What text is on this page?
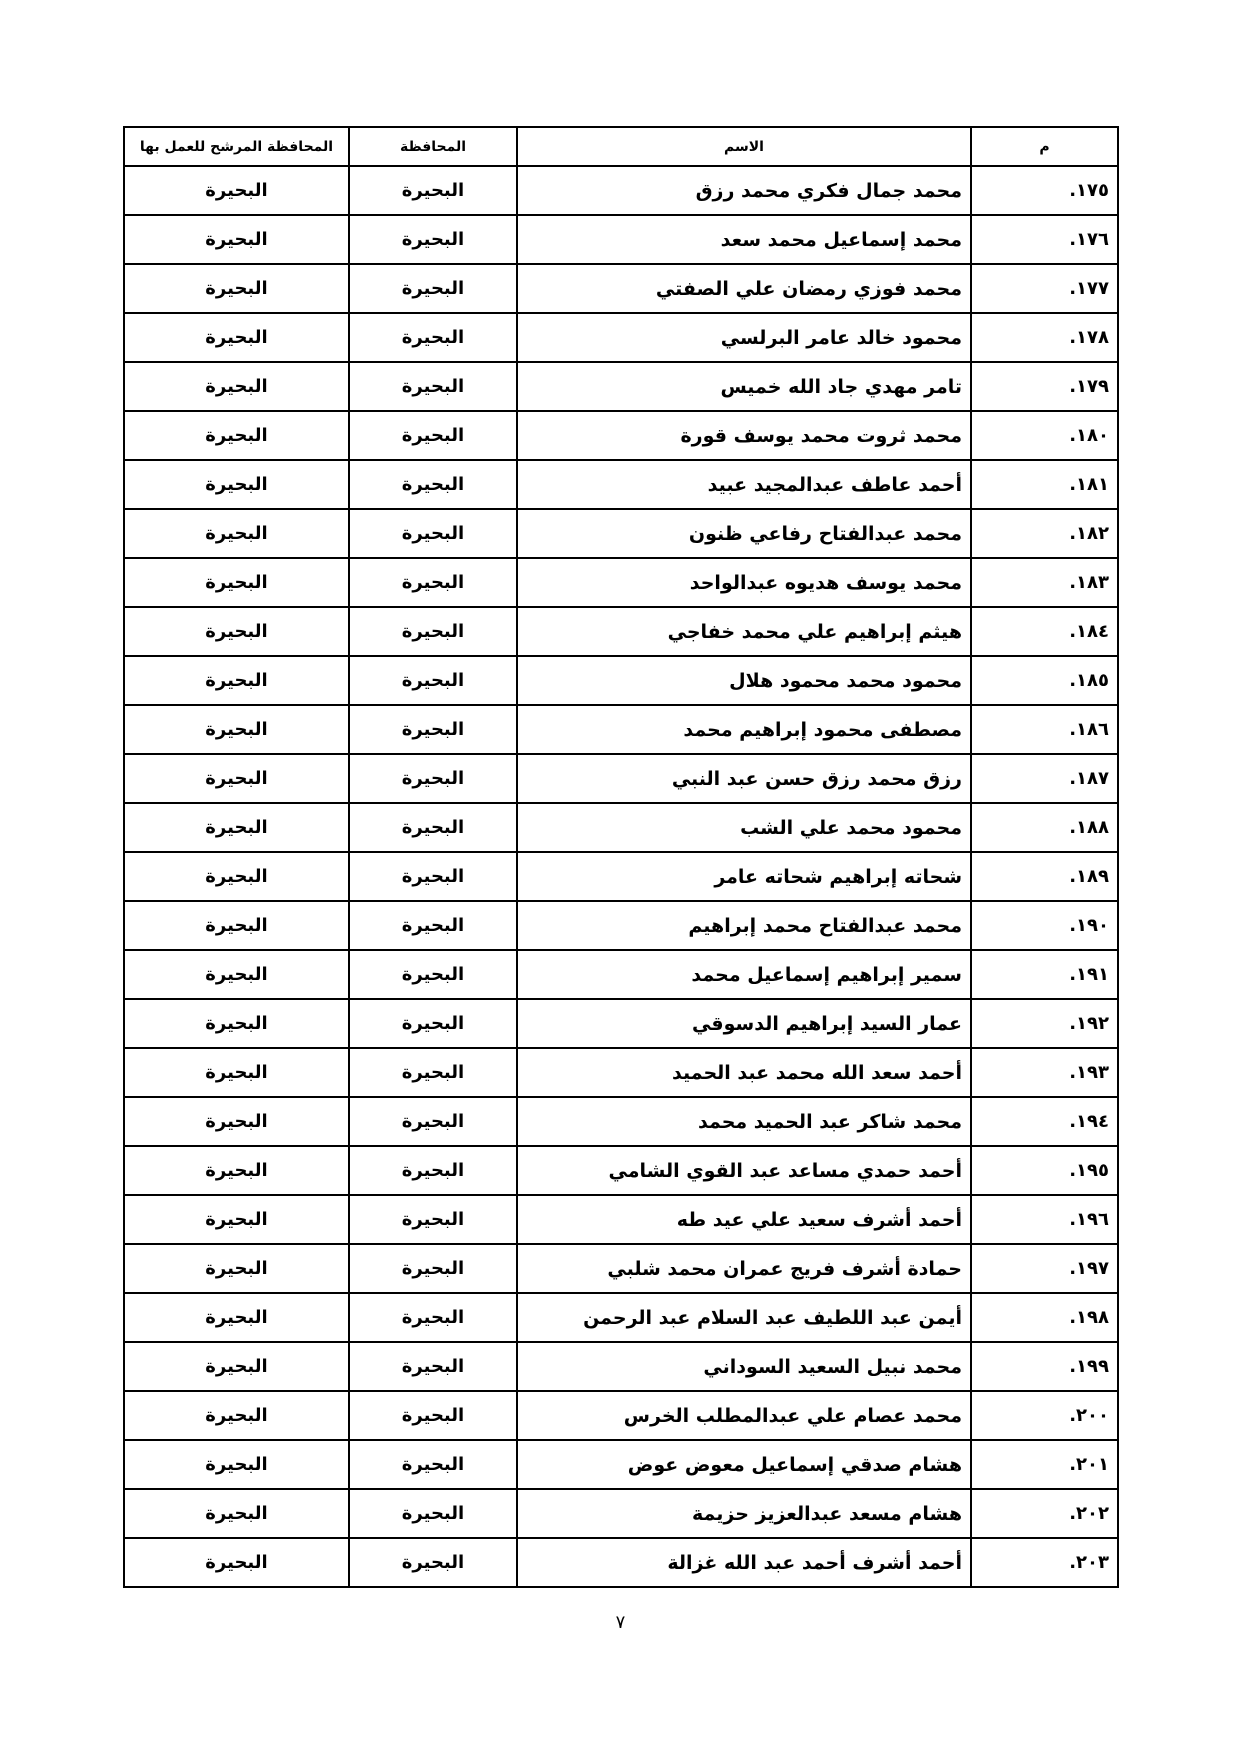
م	الاسم	المحافظة	المحافظة المرشح للعمل بها
١٧٥.	محمد جمال فكري محمد رزق	البحيرة	البحيرة
١٧٦.	محمد إسماعيل محمد سعد	البحيرة	البحيرة
١٧٧.	محمد فوزي رمضان علي الصفتي	البحيرة	البحيرة
١٧٨.	محمود خالد عامر البرلسي	البحيرة	البحيرة
١٧٩.	تامر مهدي جاد الله خميس	البحيرة	البحيرة
١٨٠.	محمد ثروت محمد يوسف قورة	البحيرة	البحيرة
١٨١.	أحمد عاطف عبدالمجيد عبيد	البحيرة	البحيرة
١٨٢.	محمد عبدالفتاح رفاعي ظنون	البحيرة	البحيرة
١٨٣.	محمد يوسف هديوه عبدالواحد	البحيرة	البحيرة
١٨٤.	هيثم إبراهيم علي محمد خفاجي	البحيرة	البحيرة
١٨٥.	محمود محمد محمود هلال	البحيرة	البحيرة
١٨٦.	مصطفى محمود إبراهيم محمد	البحيرة	البحيرة
١٨٧.	رزق محمد رزق حسن عبد النبي	البحيرة	البحيرة
١٨٨.	محمود محمد علي الشب	البحيرة	البحيرة
١٨٩.	شحاته إبراهيم شحاته عامر	البحيرة	البحيرة
١٩٠.	محمد عبدالفتاح محمد إبراهيم	البحيرة	البحيرة
١٩١.	سمير إبراهيم إسماعيل محمد	البحيرة	البحيرة
١٩٢.	عمار السيد إبراهيم الدسوقي	البحيرة	البحيرة
١٩٣.	أحمد سعد الله محمد عبد الحميد	البحيرة	البحيرة
١٩٤.	محمد شاكر عبد الحميد محمد	البحيرة	البحيرة
١٩٥.	أحمد حمدي مساعد عبد القوي الشامي	البحيرة	البحيرة
١٩٦.	أحمد أشرف سعيد علي عيد طه	البحيرة	البحيرة
١٩٧.	حمادة أشرف فريج عمران محمد شلبي	البحيرة	البحيرة
١٩٨.	أيمن عبد اللطيف عبد السلام عبد الرحمن	البحيرة	البحيرة
١٩٩.	محمد نبيل السعيد السوداني	البحيرة	البحيرة
٢٠٠.	محمد عصام علي عبدالمطلب الخرس	البحيرة	البحيرة
٢٠١.	هشام صدقي إسماعيل معوض عوض	البحيرة	البحيرة
٢٠٢.	هشام مسعد عبدالعزيز حزيمة	البحيرة	البحيرة
٢٠٣.	أحمد أشرف أحمد عبد الله غزالة	البحيرة	البحيرة
٧
